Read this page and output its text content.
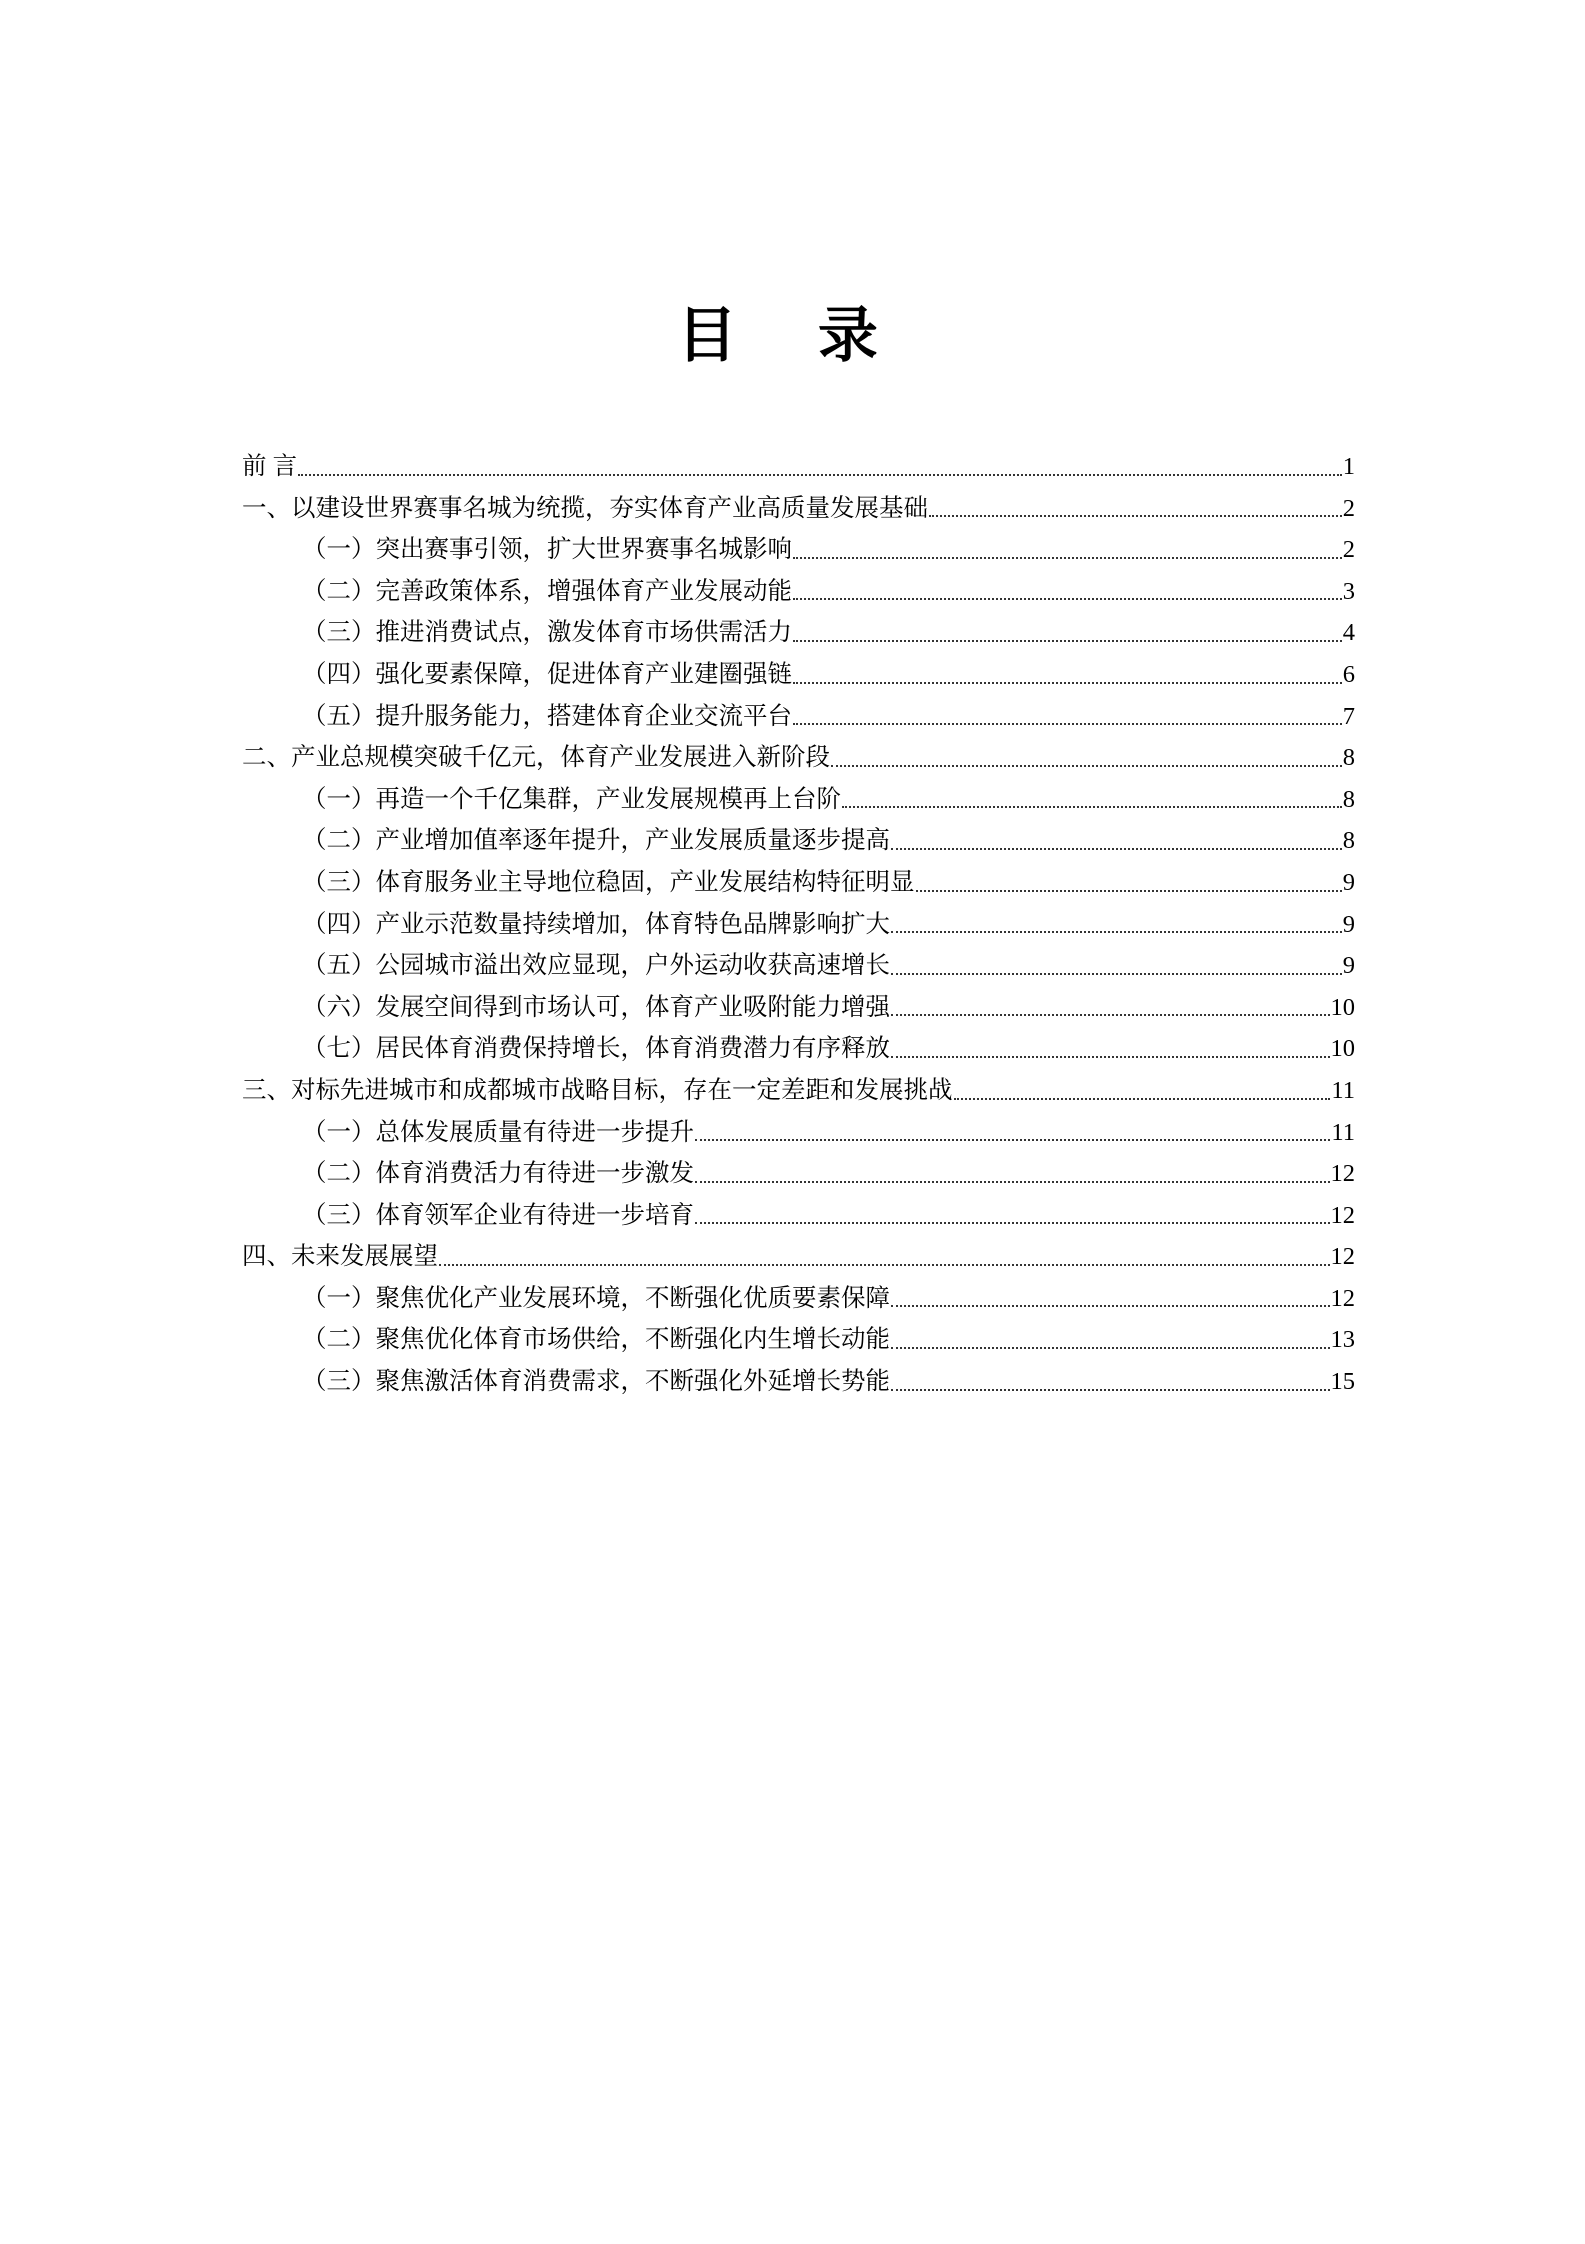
目 录
前 言	1
一、以建设世界赛事名城为统揽，夯实体育产业高质量发展基础	2
（一）突出赛事引领，扩大世界赛事名城影响	2
（二）完善政策体系，增强体育产业发展动能	3
（三）推进消费试点，激发体育市场供需活力	4
（四）强化要素保障，促进体育产业建圈强链	6
（五）提升服务能力，搭建体育企业交流平台	7
二、产业总规模突破千亿元，体育产业发展进入新阶段	8
（一）再造一个千亿集群，产业发展规模再上台阶	8
（二）产业增加值率逐年提升，产业发展质量逐步提高	8
（三）体育服务业主导地位稳固，产业发展结构特征明显	9
（四）产业示范数量持续增加，体育特色品牌影响扩大	9
（五）公园城市溢出效应显现，户外运动收获高速增长	9
（六）发展空间得到市场认可，体育产业吸附能力增强	10
（七）居民体育消费保持增长，体育消费潜力有序释放	10
三、对标先进城市和成都城市战略目标，存在一定差距和发展挑战	11
（一）总体发展质量有待进一步提升	11
（二）体育消费活力有待进一步激发	12
（三）体育领军企业有待进一步培育	12
四、未来发展展望	12
（一）聚焦优化产业发展环境，不断强化优质要素保障	12
（二）聚焦优化体育市场供给，不断强化内生增长动能	13
（三）聚焦激活体育消费需求，不断强化外延增长势能	15
